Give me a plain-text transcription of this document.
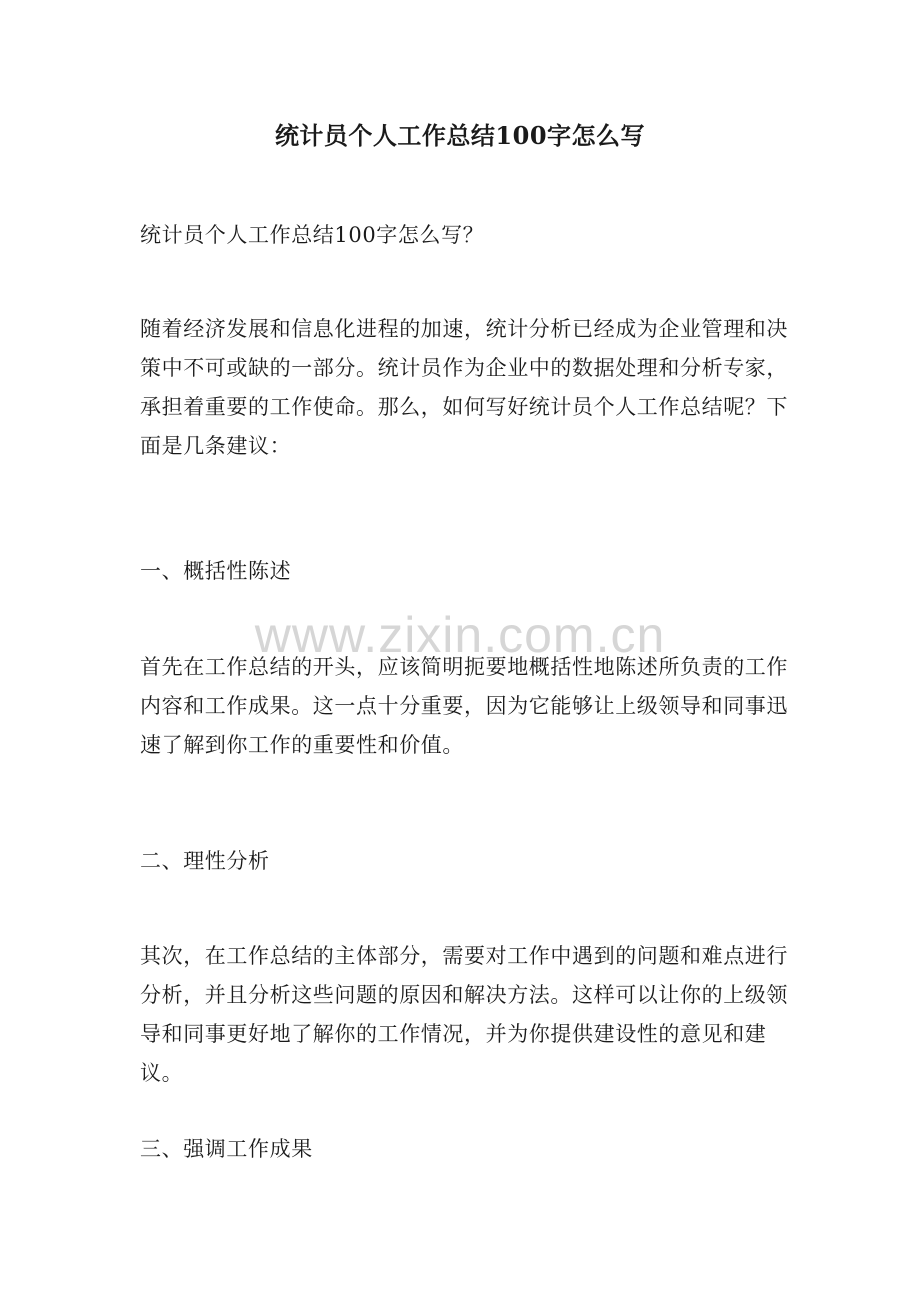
统计员个人工作总结100字怎么写

统计员个人工作总结100字怎么写？

随着经济发展和信息化进程的加速，统计分析已经成为企业管理和决策中不可或缺的一部分。统计员作为企业中的数据处理和分析专家，承担着重要的工作使命。那么，如何写好统计员个人工作总结呢？下面是几条建议：

一、概括性陈述

首先在工作总结的开头，应该简明扼要地概括性地陈述所负责的工作内容和工作成果。这一点十分重要，因为它能够让上级领导和同事迅速了解到你工作的重要性和价值。

二、理性分析

其次，在工作总结的主体部分，需要对工作中遇到的问题和难点进行分析，并且分析这些问题的原因和解决方法。这样可以让你的上级领导和同事更好地了解你的工作情况，并为你提供建设性的意见和建议。

三、强调工作成果

www.zixin.com.cn
